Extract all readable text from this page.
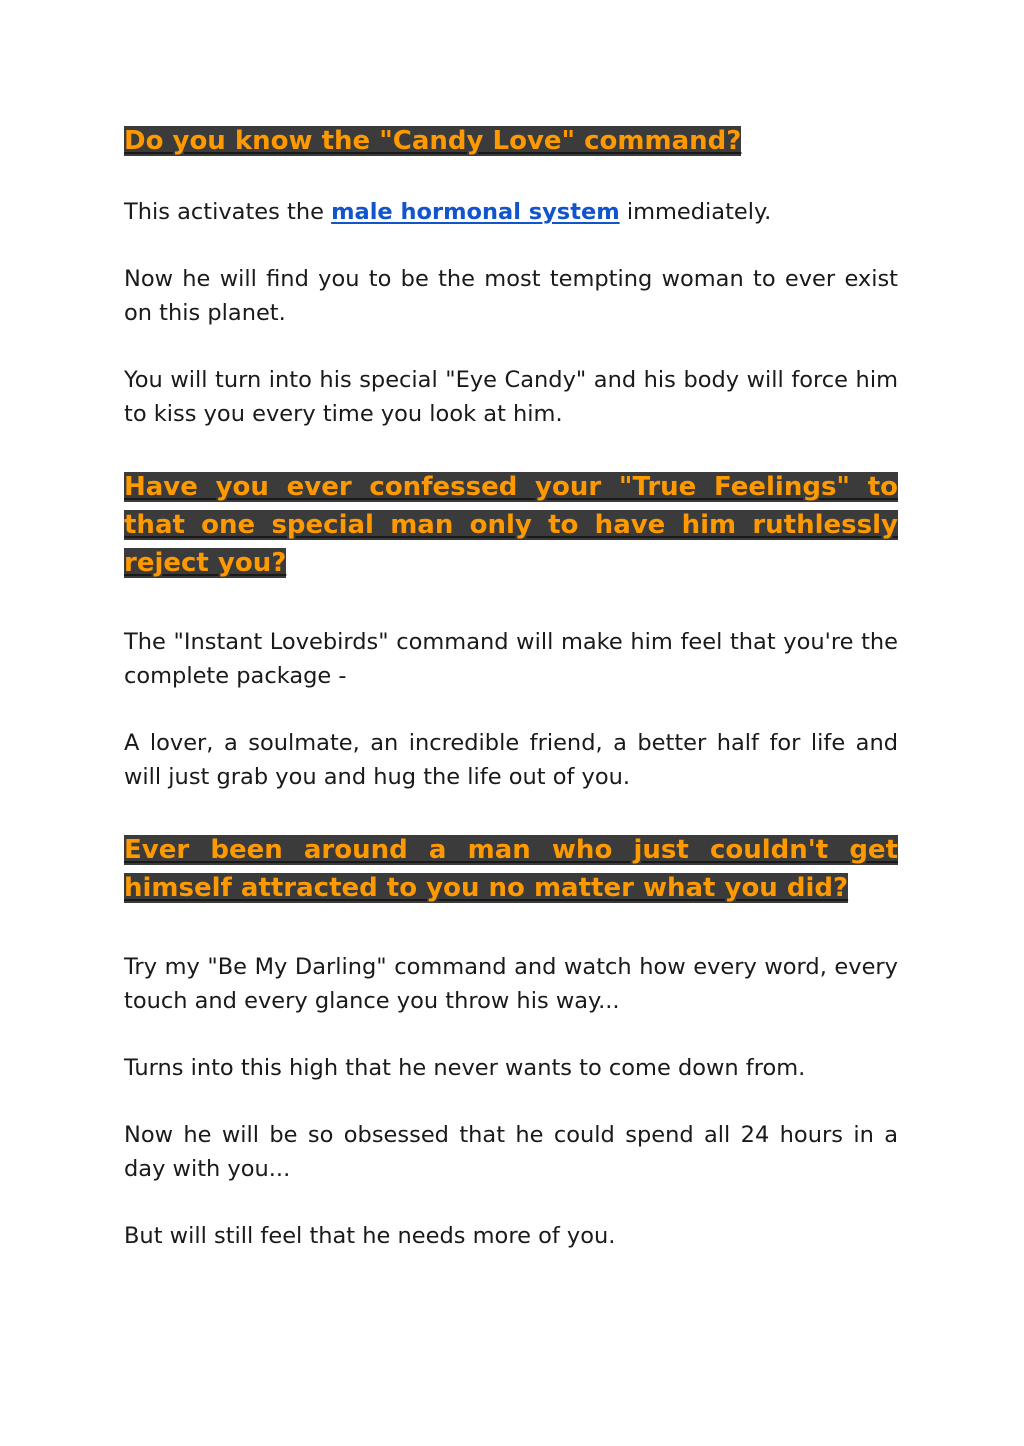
Do you know the "Candy Love" command?

This activates the male hormonal system immediately.

Now he will find you to be the most tempting woman to ever exist on this planet.

You will turn into his special "Eye Candy" and his body will force him to kiss you every time you look at him.

Have you ever confessed your "True Feelings" to that one special man only to have him ruthlessly reject you?

The "Instant Lovebirds" command will make him feel that you're the complete package -

A lover, a soulmate, an incredible friend, a better half for life and will just grab you and hug the life out of you.

Ever been around a man who just couldn't get himself attracted to you no matter what you did?

Try my "Be My Darling" command and watch how every word, every touch and every glance you throw his way...

Turns into this high that he never wants to come down from.

Now he will be so obsessed that he could spend all 24 hours in a day with you...

But will still feel that he needs more of you.
